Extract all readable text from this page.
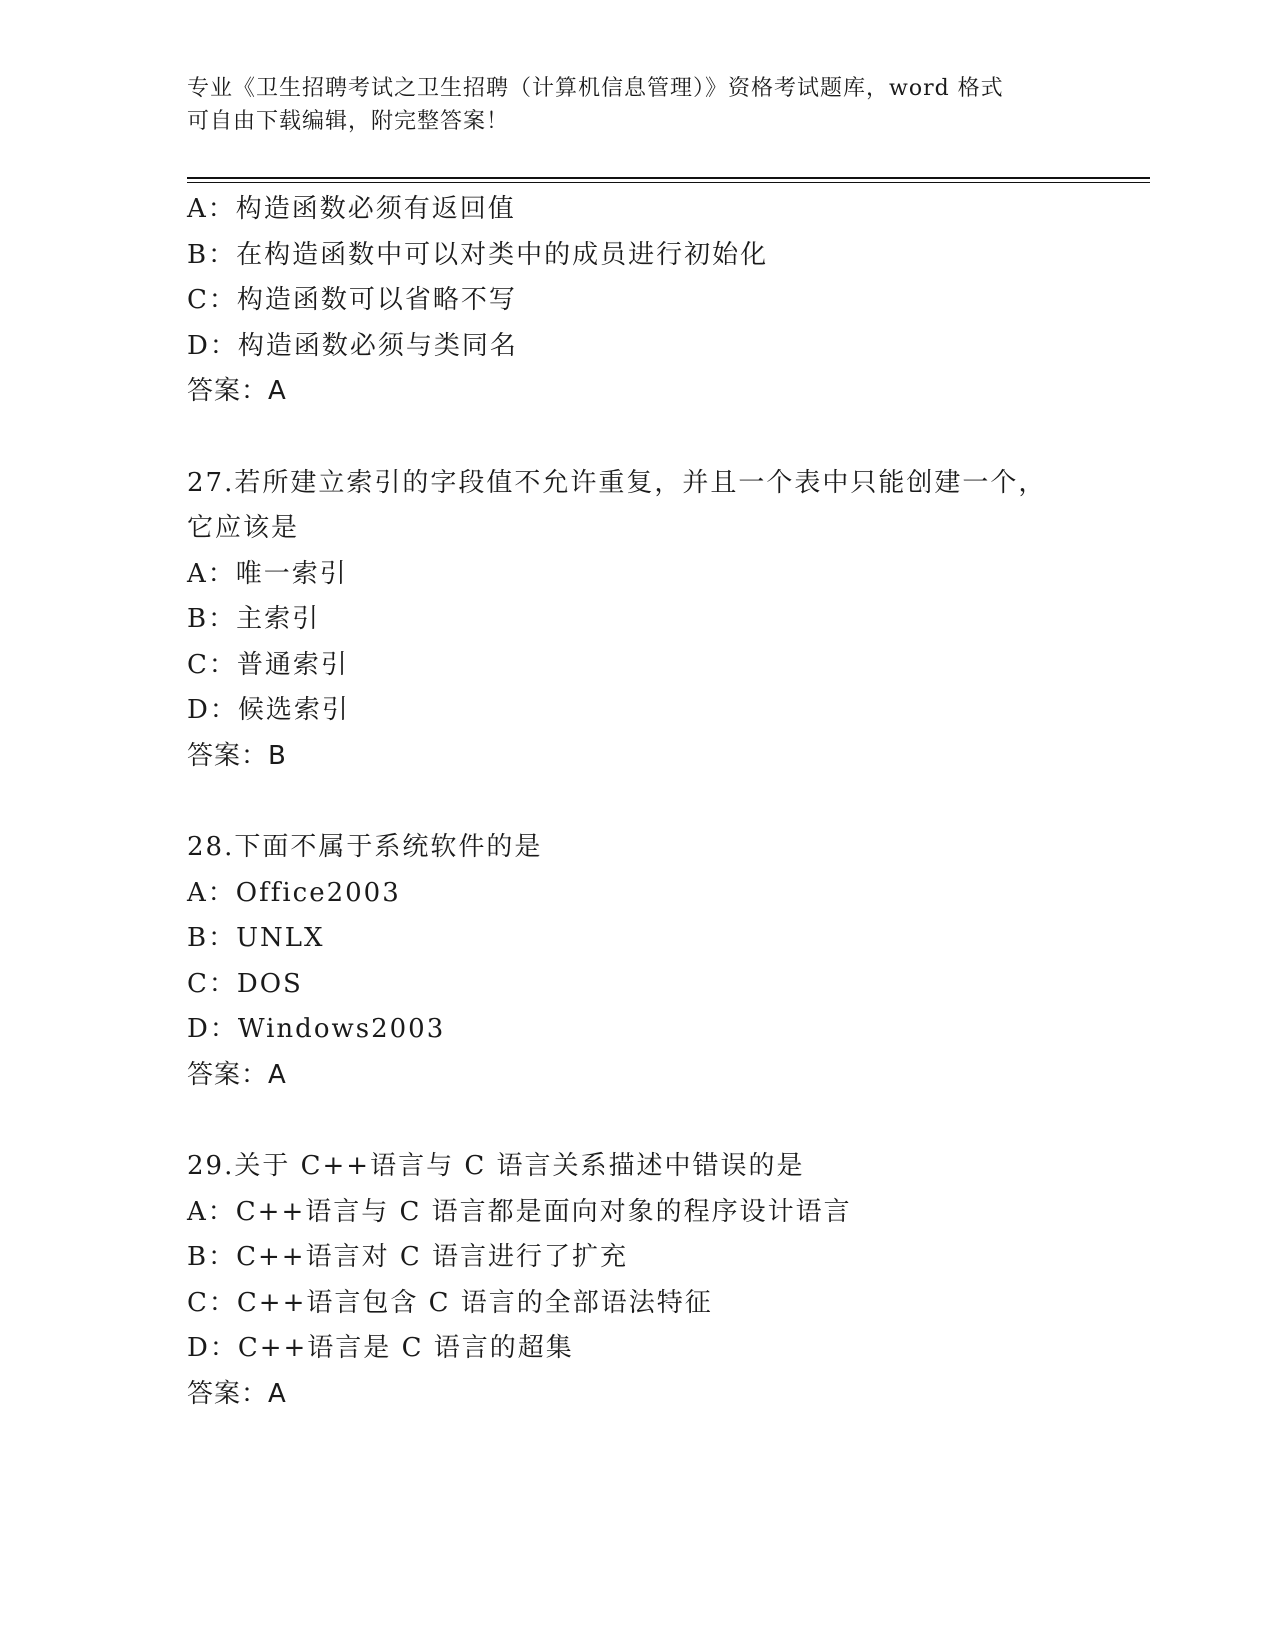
专业《卫生招聘考试之卫生招聘（计算机信息管理）》资格考试题库，word 格式
可自由下载编辑，附完整答案！
A：构造函数必须有返回值
B：在构造函数中可以对类中的成员进行初始化
C：构造函数可以省略不写
D：构造函数必须与类同名
答案：A
27.若所建立索引的字段值不允许重复，并且一个表中只能创建一个，
它应该是
A：唯一索引
B：主索引
C：普通索引
D：候选索引
答案：B
28.下面不属于系统软件的是
A：Office2003
B：UNLX
C：DOS
D：Windows2003
答案：A
29.关于 C++语言与 C 语言关系描述中错误的是
A：C++语言与 C 语言都是面向对象的程序设计语言
B：C++语言对 C 语言进行了扩充
C：C++语言包含 C 语言的全部语法特征
D：C++语言是 C 语言的超集
答案：A
